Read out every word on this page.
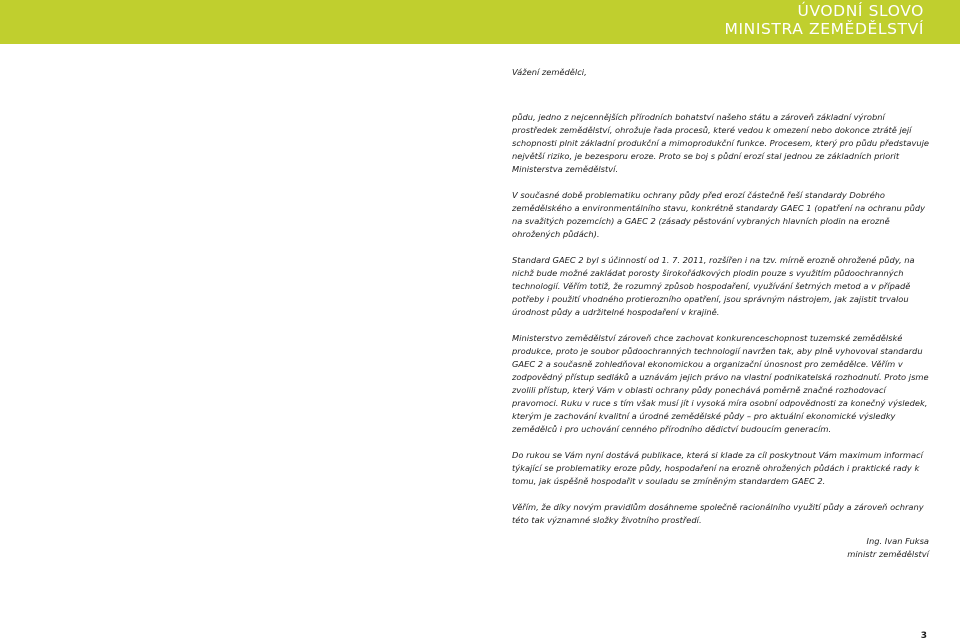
ÚVODNÍ SLOVO
MINISTRA ZEMĚDĚLSTVÍ
Vážení zemědělci,

půdu, jedno z nejcennějších přírodních bohatství našeho státu a zároveň základní výrobní prostředek zemědělství, ohrožuje řada procesů, které vedou k omezení nebo dokonce ztrátě její schopnosti plnit základní produkční a mimoprodukční funkce. Procesem, který pro půdu představuje největší riziko, je bezesporu eroze. Proto se boj s půdní erozí stal jednou ze základních priorit Ministerstva zemědělství.

V současné době problematiku ochrany půdy před erozí částečně řeší standardy Dobrého zemědělského a environmentálního stavu, konkrétně standardy GAEC 1 (opatření na ochranu půdy na svažitých pozemcích) a GAEC 2 (zásady pěstování vybraných hlavních plodin na erozně ohrožených půdách).

Standard GAEC 2 byl s účinností od 1. 7. 2011, rozšířen i na tzv. mírně erozně ohrožené půdy, na nichž bude možné zakládat porosty širokořádkových plodin pouze s využitím půdoochranných technologií. Věřím totiž, že rozumný způsob hospodaření, využívání šetrných metod a v případě potřeby i použití vhodného protierozního opatření, jsou správným nástrojem, jak zajistit trvalou úrodnost půdy a udržitelné hospodaření v krajině.

Ministerstvo zemědělství zároveň chce zachovat konkurenceschopnost tuzemské zemědělské produkce, proto je soubor půdoochranných technologií navržen tak, aby plně vyhovoval standardu GAEC 2 a současně zohledňoval ekonomickou a organizační únosnost pro zemědělce. Věřím v zodpovědný přístup sedláků a uznávám jejich právo na vlastní podnikatelská rozhodnutí. Proto jsme zvolili přístup, který Vám v oblasti ochrany půdy ponechává poměrně značné rozhodovací pravomoci. Ruku v ruce s tím však musí jít i vysoká míra osobní odpovědnosti za konečný výsledek, kterým je zachování kvalitní a úrodné zemědělské půdy – pro aktuální ekonomické výsledky zemědělců i pro uchování cenného přírodního dědictví budoucím generacím.

Do rukou se Vám nyní dostává publikace, která si klade za cíl poskytnout Vám maximum informací týkající se problematiky eroze půdy, hospodaření na erozně ohrožených půdách i praktické rady k tomu, jak úspěšně hospodařit v souladu se zmíněným standardem GAEC 2.

Věřím, že díky novým pravidlům dosáhneme společně racionálního využití půdy a zároveň ochrany této tak významné složky životního prostředí.

Ing. Ivan Fuksa
ministr zemědělství
3
